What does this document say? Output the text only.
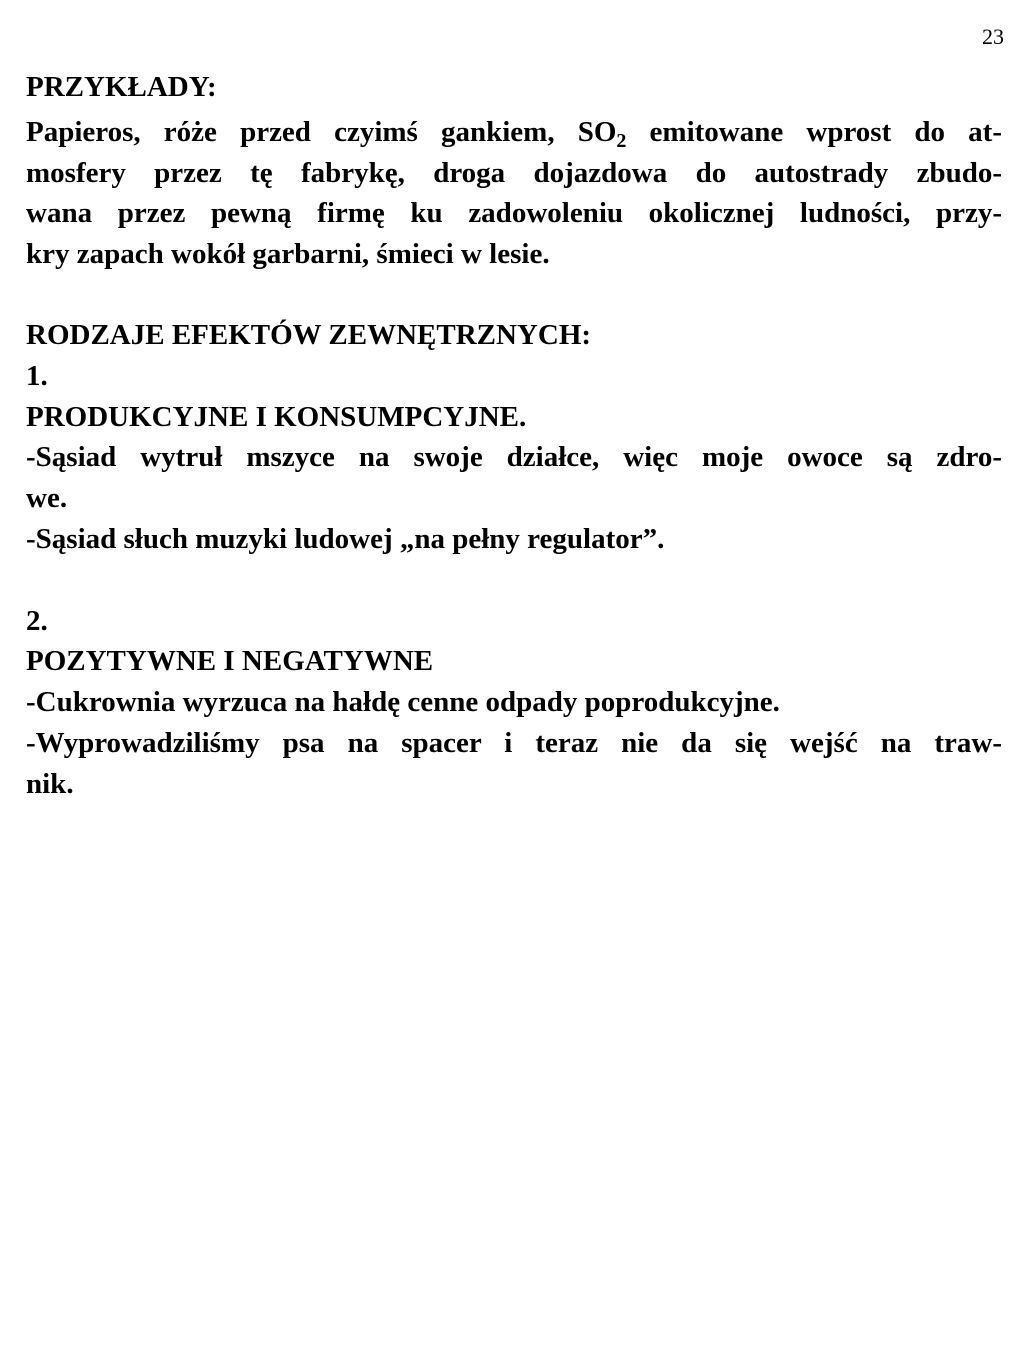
23
PRZYKŁADY:
Papieros, róże przed czyimś gankiem, $SO_2$ emitowane wprost do at-
mosfery przez tę fabrykę, droga dojazdowa do autostrady zbudo-
wana przez pewną firmę ku zadowoleniu okolicznej ludności, przy-
kry zapach wokół garbarni, śmieci w lesie.
RODZAJE EFEKTÓW ZEWNĘTRZNYCH:
1.
PRODUKCYJNE I KONSUMPCYJNE.
-Sąsiad wytruł mszyce na swoje działce, więc moje owoce są zdro-
we.
-Sąsiad słuch muzyki ludowej „na pełny regulator”.

2.
POZYTYWNE I NEGATYWNE
-Cukrownia wyrzuca na hałdę cenne odpady poprodukcyjne.
-Wyprowadziliśmy psa na spacer i teraz nie da się wejść na traw-
nik.
